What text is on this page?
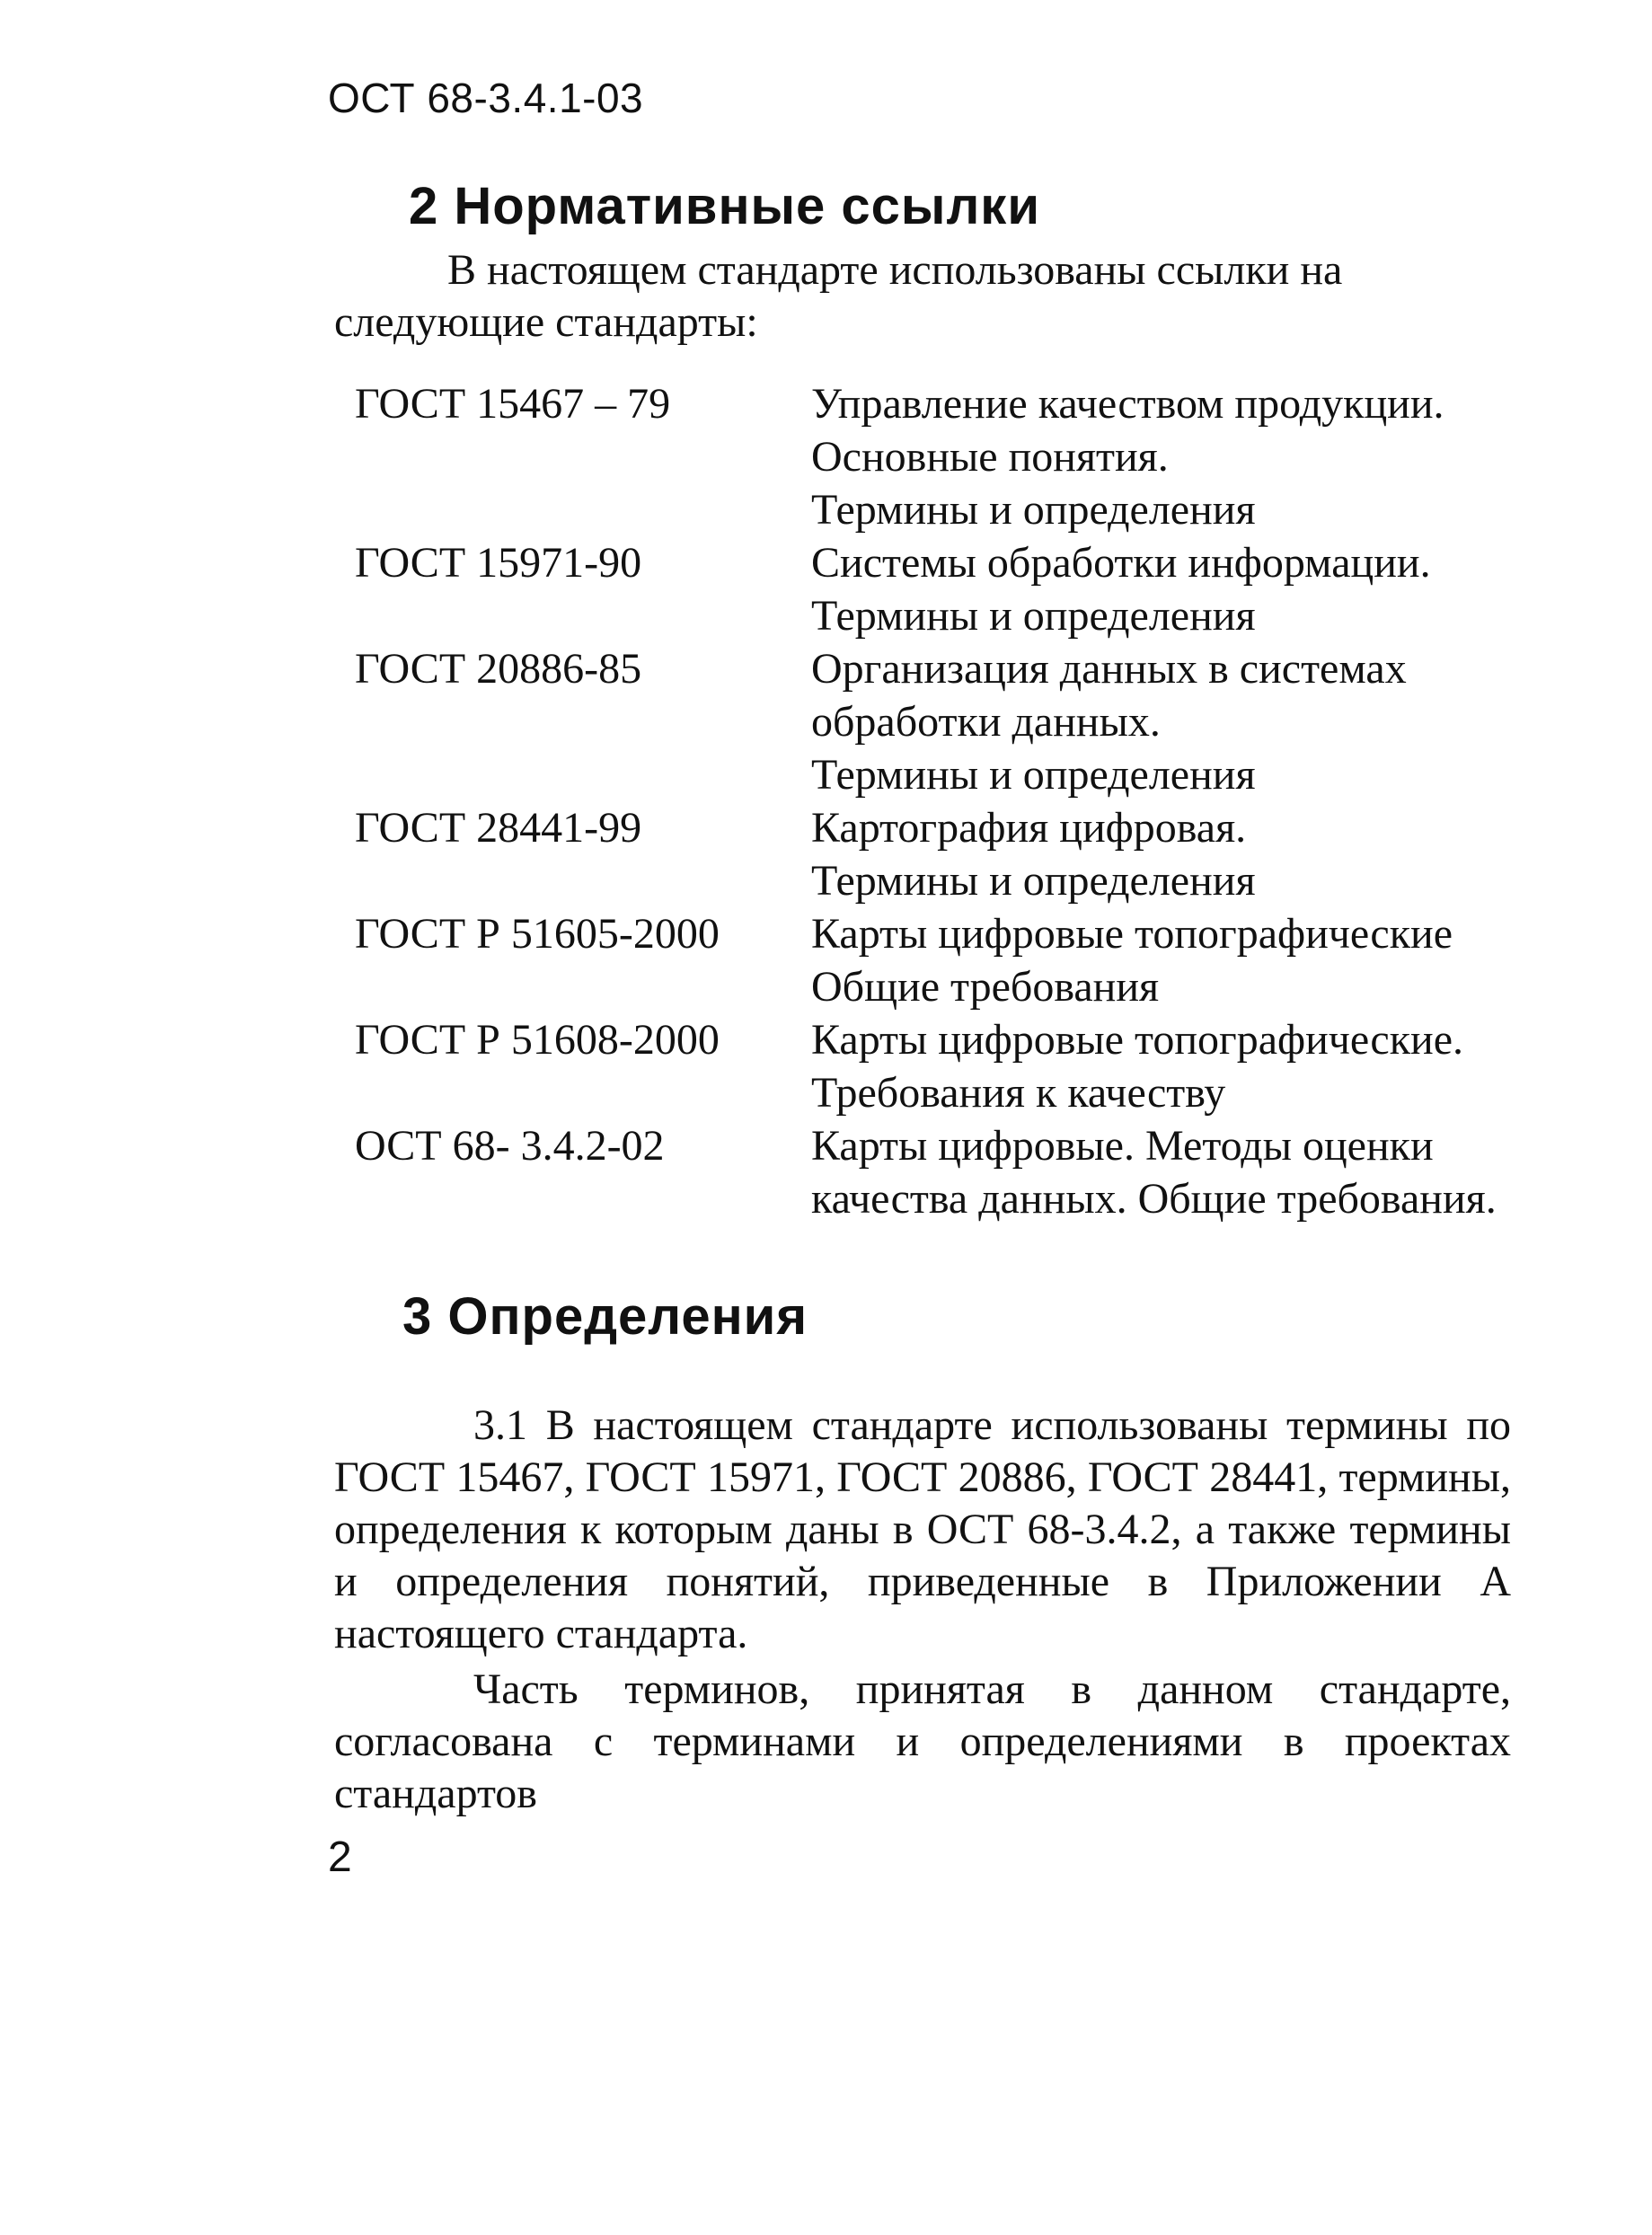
ОСТ 68-3.4.1-03
2 Нормативные ссылки
В настоящем стандарте использованы ссылки на следующие стандарты:
ГОСТ 15467 – 79	Управление качеством продукции.
Основные понятия.
Термины и определения
ГОСТ 15971-90	Системы обработки информации.
Термины и определения
ГОСТ 20886-85	Организация данных в системах
обработки данных.
Термины и определения
ГОСТ 28441-99	Картография цифровая.
Термины и определения
ГОСТ Р 51605-2000	Карты цифровые топографические
Общие требования
ГОСТ Р 51608-2000	Карты цифровые топографические.
Требования к качеству
ОСТ 68- 3.4.2-02	Карты цифровые. Методы оценки
качества данных. Общие требования.
3 Определения
3.1 В настоящем стандарте использованы термины по ГОСТ 15467, ГОСТ 15971, ГОСТ 20886, ГОСТ 28441, термины, определения к которым даны в ОСТ 68-3.4.2, а также термины и определения понятий, приведенные в Приложении А настоящего стандарта.
Часть терминов, принятая в данном стандарте, согласована с терминами и определениями в проектах стандартов
2
